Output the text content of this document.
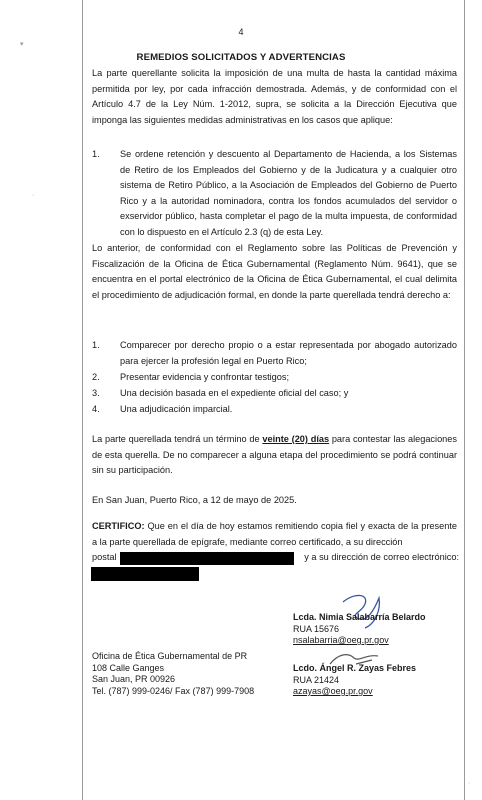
▾
·
·
4
REMEDIOS SOLICITADOS Y ADVERTENCIAS

La parte querellante solicita la imposición de una multa de hasta la cantidad máxima permitida por ley, por cada infracción demostrada. Además, y de conformidad con el Artículo 4.7 de la Ley Núm. 1-2012, supra, se solicita a la Dirección Ejecutiva que imponga las siguientes medidas administrativas en los casos que aplique:

1. Se ordene retención y descuento al Departamento de Hacienda, a los Sistemas de Retiro de los Empleados del Gobierno y de la Judicatura y a cualquier otro sistema de Retiro Público, a la Asociación de Empleados del Gobierno de Puerto Rico y a la autoridad nominadora, contra los fondos acumulados del servidor o exservidor público, hasta completar el pago de la multa impuesta, de conformidad con lo dispuesto en el Artículo 2.3 (q) de esta Ley.

Lo anterior, de conformidad con el Reglamento sobre las Políticas de Prevención y Fiscalización de la Oficina de Ética Gubernamental (Reglamento Núm. 9641), que se encuentra en el portal electrónico de la Oficina de Ética Gubernamental, el cual delimita el procedimiento de adjudicación formal, en donde la parte querellada tendrá derecho a:

1. Comparecer por derecho propio o a estar representada por abogado autorizado para ejercer la profesión legal en Puerto Rico;
2. Presentar evidencia y confrontar testigos;
3. Una decisión basada en el expediente oficial del caso; y
4. Una adjudicación imparcial.

La parte querellada tendrá un término de veinte (20) días para contestar las alegaciones de esta querella. De no comparecer a alguna etapa del procedimiento se podrá continuar sin su participación.

En San Juan, Puerto Rico, a 12 de mayo de 2025.

CERTIFICO: Que en el día de hoy estamos remitiendo copia fiel y exacta de la presente a la parte querellada de epígrafe, mediante correo certificado, a su dirección

postal	y a su dirección de correo electrónico:
Lcda. Nimia Salabarría Belardo
RUA 15676
nsalabarria@oeg.pr.gov
Lcdo. Ángel R. Zayas Febres
RUA 21424
azayas@oeg.pr.gov
Oficina de Ética Gubernamental de PR
108 Calle Ganges
San Juan, PR 00926
Tel. (787) 999-0246/ Fax (787) 999-7908
